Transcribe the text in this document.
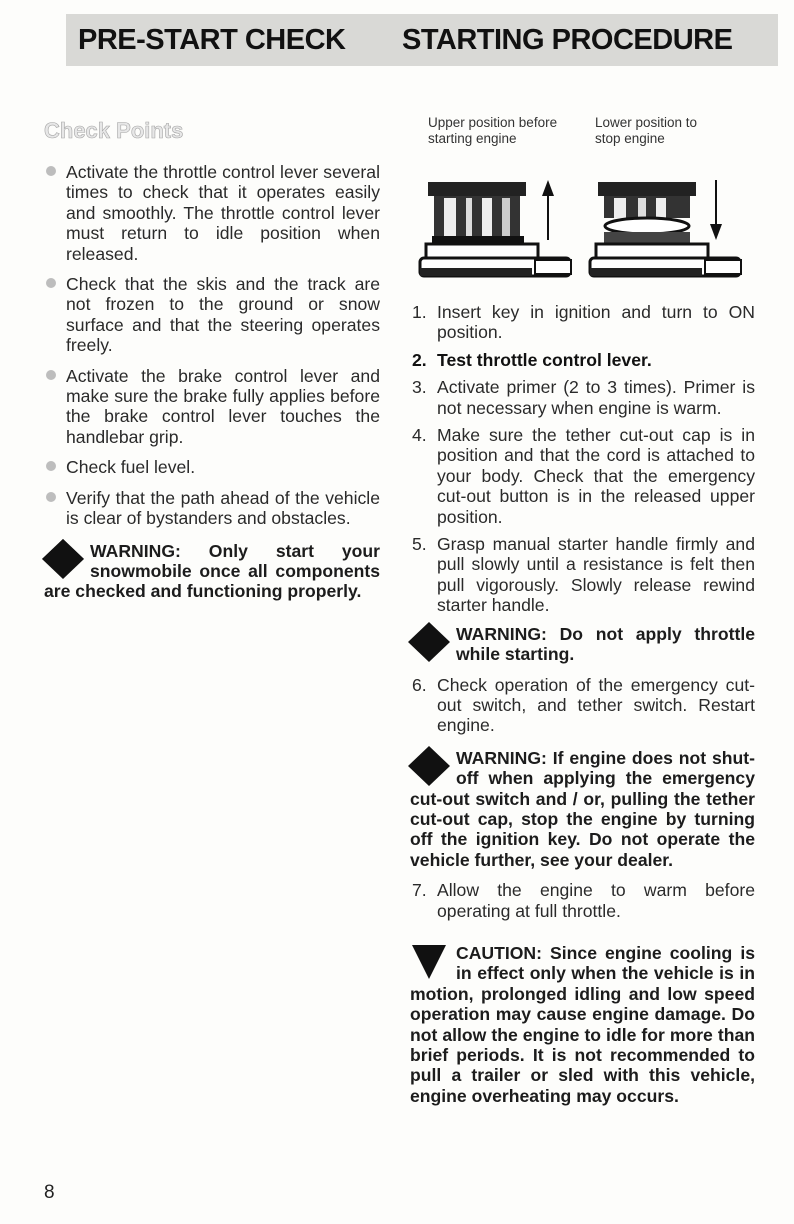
PRE-START CHECK STARTING PROCEDURE
Check Points
Activate the throttle control lever several times to check that it operates easily and smoothly. The throttle control lever must return to idle position when released.
Check that the skis and the track are not frozen to the ground or snow surface and that the steering operates freely.
Activate the brake control lever and make sure the brake fully applies before the brake control lever touches the handlebar grip.
Check fuel level.
Verify that the path ahead of the vehicle is clear of bystanders and obstacles.
WARNING: Only start your snowmobile once all components are checked and functioning properly.
Upper position before starting engine
Lower position to stop engine
1. Insert key in ignition and turn to ON position.
2. Test throttle control lever.
3. Activate primer (2 to 3 times). Primer is not necessary when engine is warm.
4. Make sure the tether cut-out cap is in position and that the cord is attached to your body. Check that the emergency cut-out button is in the released upper position.
5. Grasp manual starter handle firmly and pull slowly until a resistance is felt then pull vigorously. Slowly release rewind starter handle.
WARNING: Do not apply throttle while starting.
6. Check operation of the emergency cut-out switch, and tether switch. Restart engine.
WARNING: If engine does not shut-off when applying the emergency cut-out switch and / or, pulling the tether cut-out cap, stop the engine by turning off the ignition key. Do not operate the vehicle further, see your dealer.
7. Allow the engine to warm before operating at full throttle.
CAUTION: Since engine cooling is in effect only when the vehicle is in motion, prolonged idling and low speed operation may cause engine damage. Do not allow the engine to idle for more than brief periods. It is not recommended to pull a trailer or sled with this vehicle, engine overheating may occurs.
8
